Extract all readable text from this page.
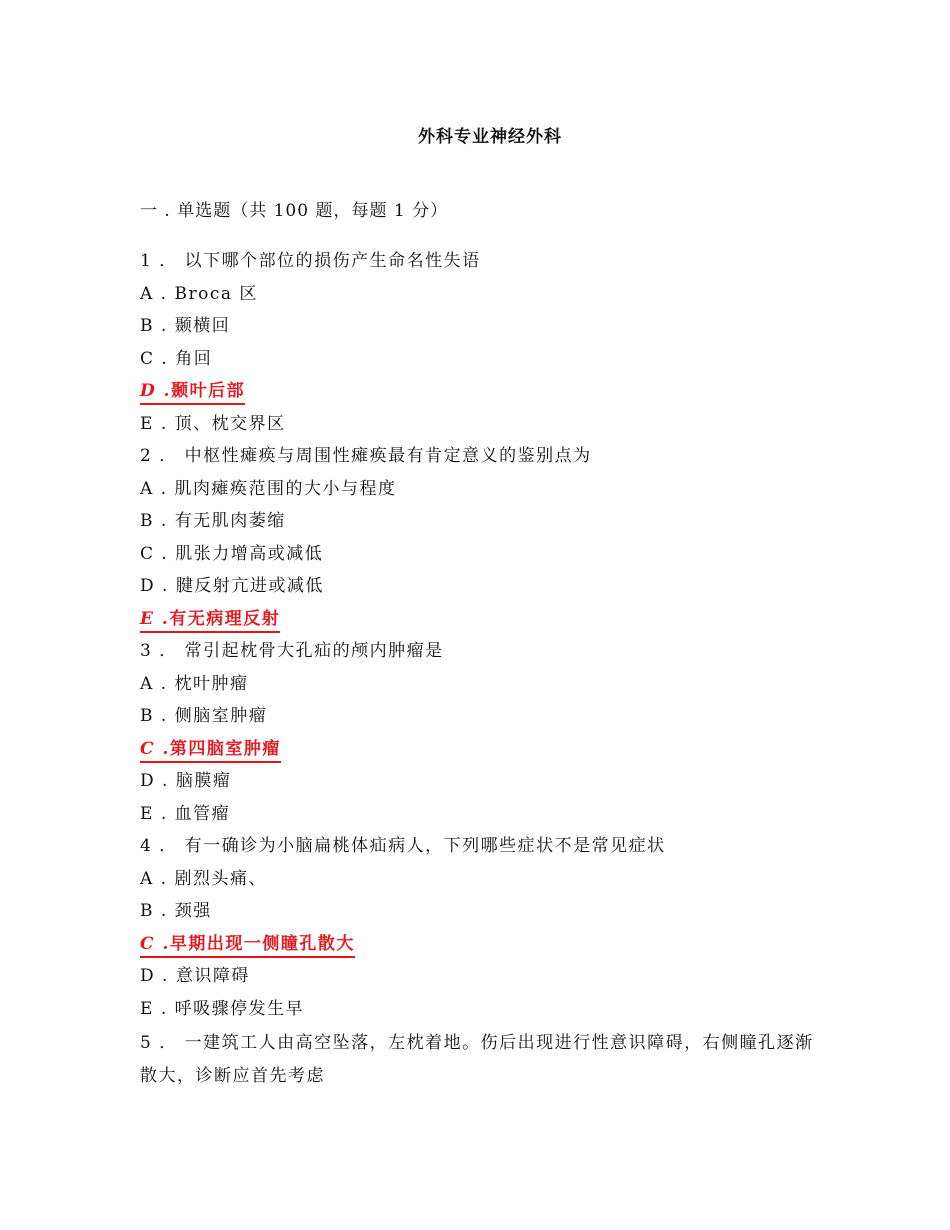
外科专业神经外科
一 . 单选题（共 100 题，每题 1 分）
1 ． 以下哪个部位的损伤产生命名性失语
A . Broca 区
B . 颞横回
C . 角回
D .颞叶后部
E . 顶、枕交界区
2 ． 中枢性瘫痪与周围性瘫痪最有肯定意义的鉴别点为
A . 肌肉瘫痪范围的大小与程度
B . 有无肌肉萎缩
C . 肌张力增高或减低
D . 腱反射亢进或减低
E .有无病理反射
3 ． 常引起枕骨大孔疝的颅内肿瘤是
A . 枕叶肿瘤
B . 侧脑室肿瘤
C .第四脑室肿瘤
D . 脑膜瘤
E . 血管瘤
4 ． 有一确诊为小脑扁桃体疝病人，下列哪些症状不是常见症状
A . 剧烈头痛、
B . 颈强
C .早期出现一侧瞳孔散大
D . 意识障碍
E . 呼吸骤停发生早
5 ． 一建筑工人由高空坠落，左枕着地。伤后出现进行性意识障碍，右侧瞳孔逐渐散大，诊断应首先考虑
